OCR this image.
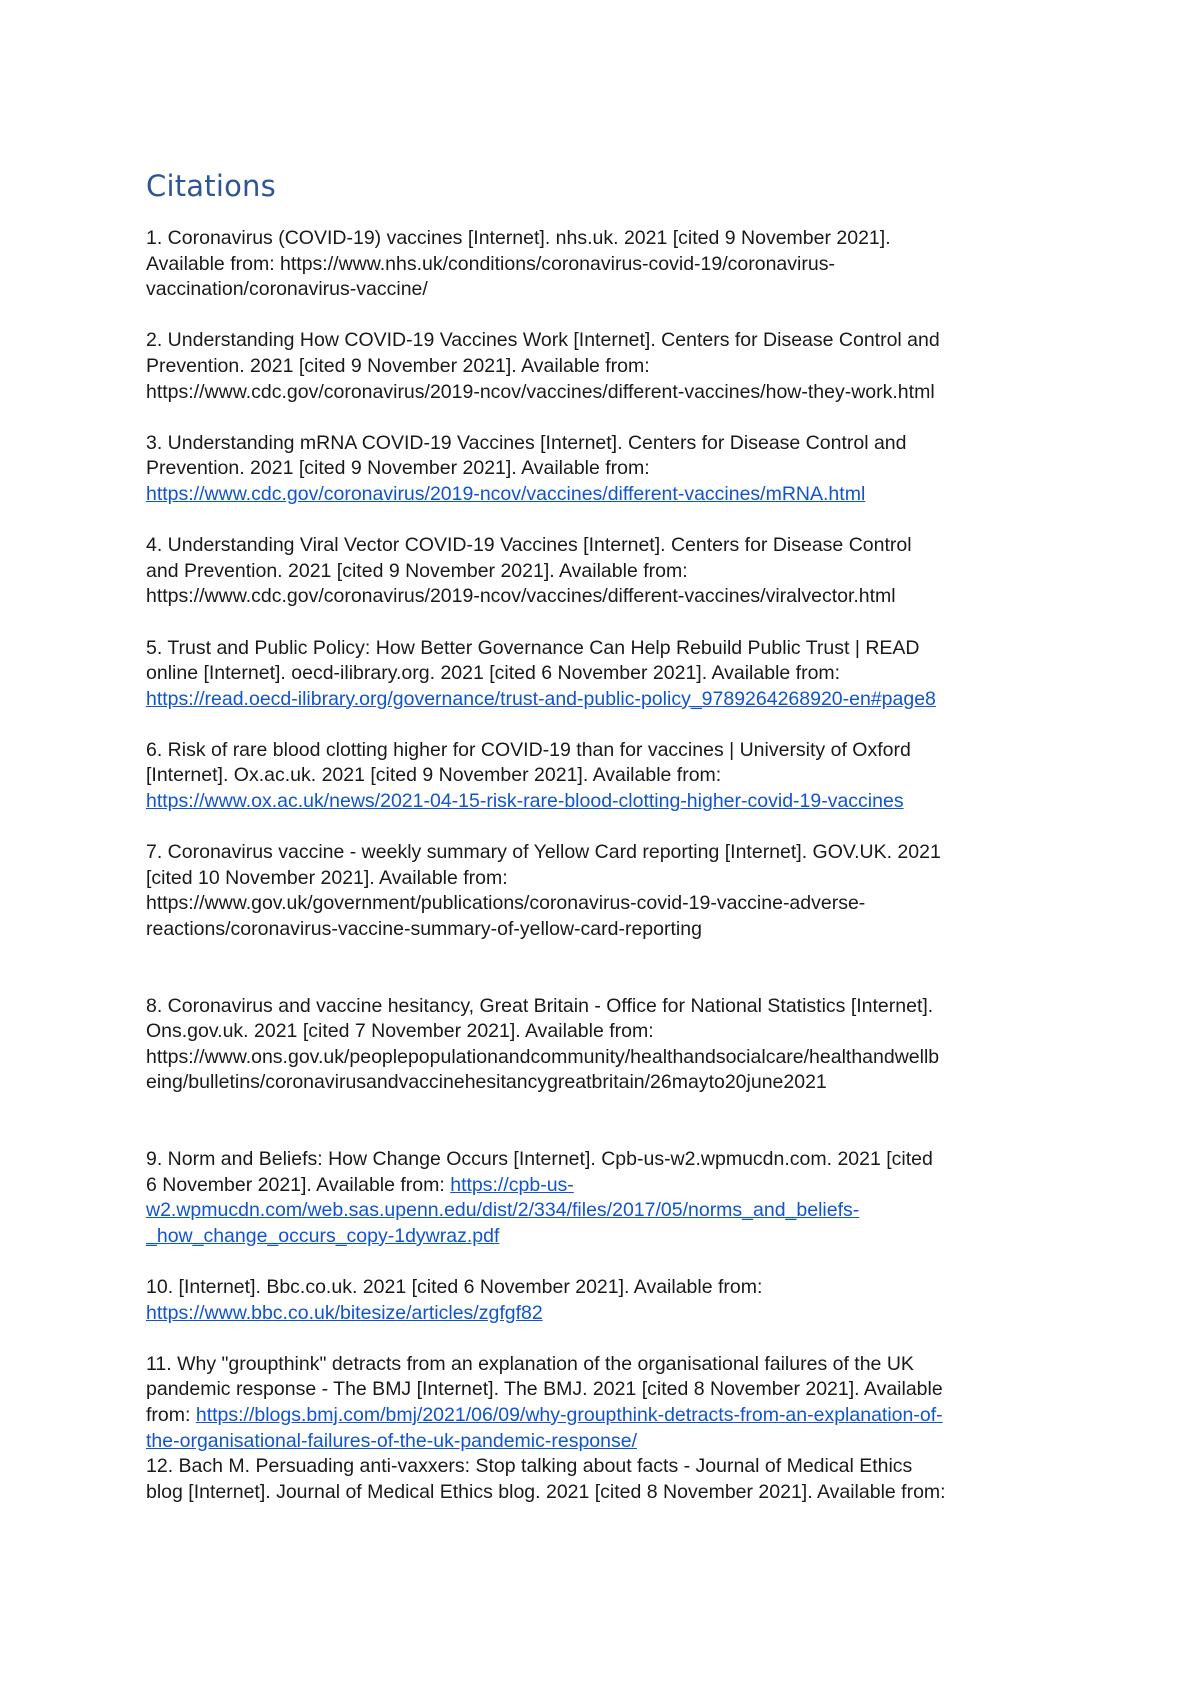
Citations
1. Coronavirus (COVID-19) vaccines [Internet]. nhs.uk. 2021 [cited 9 November 2021].
Available from: https://www.nhs.uk/conditions/coronavirus-covid-19/coronavirus-
vaccination/coronavirus-vaccine/
2. Understanding How COVID-19 Vaccines Work [Internet]. Centers for Disease Control and
Prevention. 2021 [cited 9 November 2021]. Available from:
https://www.cdc.gov/coronavirus/2019-ncov/vaccines/different-vaccines/how-they-work.html
3. Understanding mRNA COVID-19 Vaccines [Internet]. Centers for Disease Control and
Prevention. 2021 [cited 9 November 2021]. Available from:
https://www.cdc.gov/coronavirus/2019-ncov/vaccines/different-vaccines/mRNA.html
4. Understanding Viral Vector COVID-19 Vaccines [Internet]. Centers for Disease Control
and Prevention. 2021 [cited 9 November 2021]. Available from:
https://www.cdc.gov/coronavirus/2019-ncov/vaccines/different-vaccines/viralvector.html
5. Trust and Public Policy: How Better Governance Can Help Rebuild Public Trust | READ
online [Internet]. oecd-ilibrary.org. 2021 [cited 6 November 2021]. Available from:
https://read.oecd-ilibrary.org/governance/trust-and-public-policy_9789264268920-en#page8
6. Risk of rare blood clotting higher for COVID-19 than for vaccines | University of Oxford
[Internet]. Ox.ac.uk. 2021 [cited 9 November 2021]. Available from:
https://www.ox.ac.uk/news/2021-04-15-risk-rare-blood-clotting-higher-covid-19-vaccines
7. Coronavirus vaccine - weekly summary of Yellow Card reporting [Internet]. GOV.UK. 2021
[cited 10 November 2021]. Available from:
https://www.gov.uk/government/publications/coronavirus-covid-19-vaccine-adverse-
reactions/coronavirus-vaccine-summary-of-yellow-card-reporting
8. Coronavirus and vaccine hesitancy, Great Britain - Office for National Statistics [Internet].
Ons.gov.uk. 2021 [cited 7 November 2021]. Available from:
https://www.ons.gov.uk/peoplepopulationandcommunity/healthandsocialcare/healthandwellb
eing/bulletins/coronavirusandvaccinehesitancygreatbritain/26mayto20june2021
9. Norm and Beliefs: How Change Occurs [Internet]. Cpb-us-w2.wpmucdn.com. 2021 [cited
6 November 2021]. Available from: https://cpb-us-
w2.wpmucdn.com/web.sas.upenn.edu/dist/2/334/files/2017/05/norms_and_beliefs-
_how_change_occurs_copy-1dywraz.pdf
10. [Internet]. Bbc.co.uk. 2021 [cited 6 November 2021]. Available from:
https://www.bbc.co.uk/bitesize/articles/zgfgf82
11. Why "groupthink" detracts from an explanation of the organisational failures of the UK
pandemic response - The BMJ [Internet]. The BMJ. 2021 [cited 8 November 2021]. Available
from: https://blogs.bmj.com/bmj/2021/06/09/why-groupthink-detracts-from-an-explanation-of-
the-organisational-failures-of-the-uk-pandemic-response/
12. Bach M. Persuading anti-vaxxers: Stop talking about facts - Journal of Medical Ethics
blog [Internet]. Journal of Medical Ethics blog. 2021 [cited 8 November 2021]. Available from:
